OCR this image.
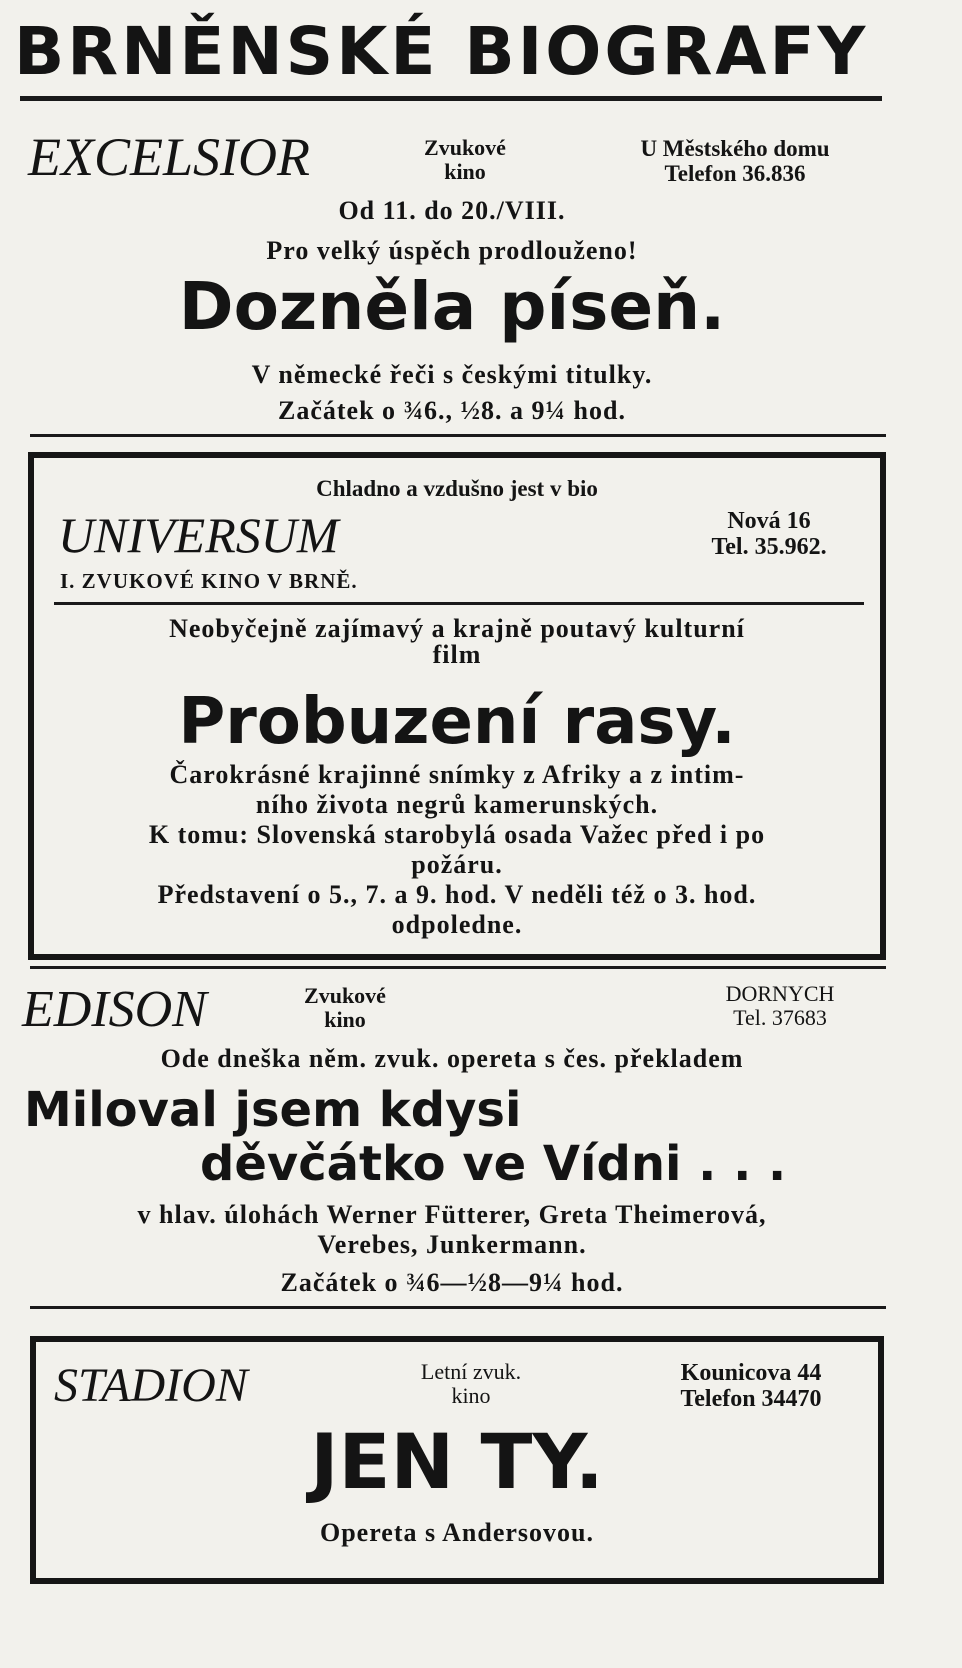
BRNĚNSKÉ BIOGRAFY
EXCELSIOR	Zvukové
kino
U Městského domu
Telefon 36.836
Od 11. do 20./VIII.
Pro velký úspěch prodlouženo!
Dozněla píseň.
V německé řeči s českými titulky.
Začátek o ¾6., ½8. a 9¼ hod.
Chladno a vzdušno jest v bio
UNIVERSUM	Nová 16
Tel. 35.962.
I. ZVUKOVÉ KINO V BRNĚ.
Neobyčejně zajímavý a krajně poutavý kulturní
film
Probuzení rasy.
Čarokrásné krajinné snímky z Afriky a z intim-
ního života negrů kamerunských.
K tomu: Slovenská starobylá osada Važec před i po
požáru.
Představení o 5., 7. a 9. hod. V neděli též o 3. hod.
odpoledne.
EDISON	Zvukové
kino
DORNYCH
Tel. 37683
Ode dneška něm. zvuk. opereta s čes. překladem
Miloval jsem kdysi
děvčátko ve Vídni . . .
v hlav. úlohách Werner Fütterer, Greta Theimerová,
Verebes, Junkermann.
Začátek o ¾6—½8—9¼ hod.
STADION	Letní zvuk.
kino
Kounicova 44
Telefon 34470
JEN TY.
Opereta s Andersovou.
